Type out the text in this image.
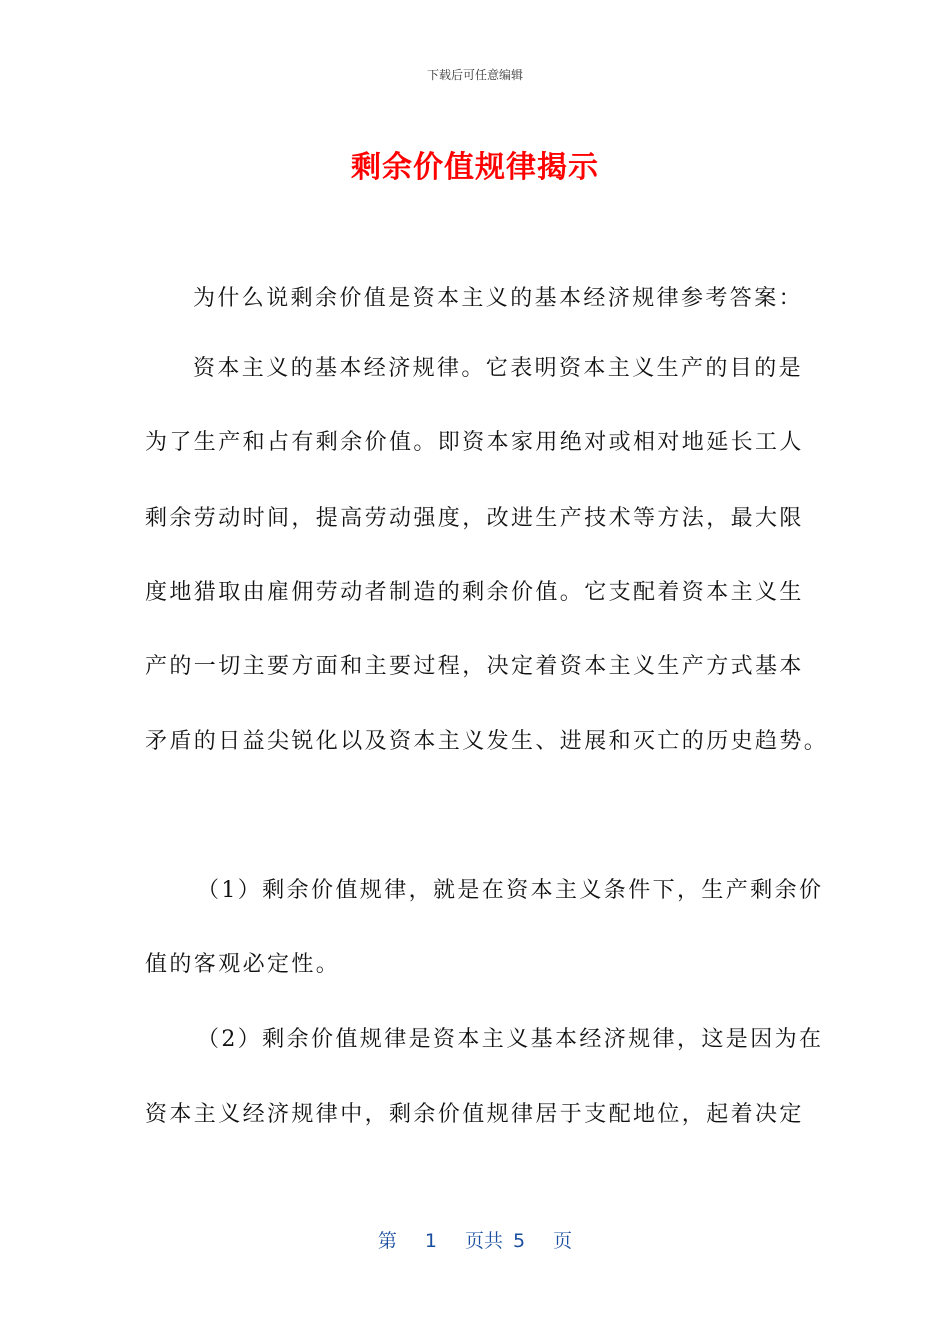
下载后可任意编辑
剩余价值规律揭示
为什么说剩余价值是资本主义的基本经济规律参考答案：
资本主义的基本经济规律。它表明资本主义生产的目的是
为了生产和占有剩余价值。即资本家用绝对或相对地延长工人
剩余劳动时间，提高劳动强度，改进生产技术等方法，最大限
度地猎取由雇佣劳动者制造的剩余价值。它支配着资本主义生
产的一切主要方面和主要过程，决定着资本主义生产方式基本
矛盾的日益尖锐化以及资本主义发生、进展和灭亡的历史趋势。
（1）剩余价值规律，就是在资本主义条件下，生产剩余价
值的客观必定性。
（2）剩余价值规律是资本主义基本经济规律，这是因为在
资本主义经济规律中，剩余价值规律居于支配地位，起着决定
第 1 页共 5 页
